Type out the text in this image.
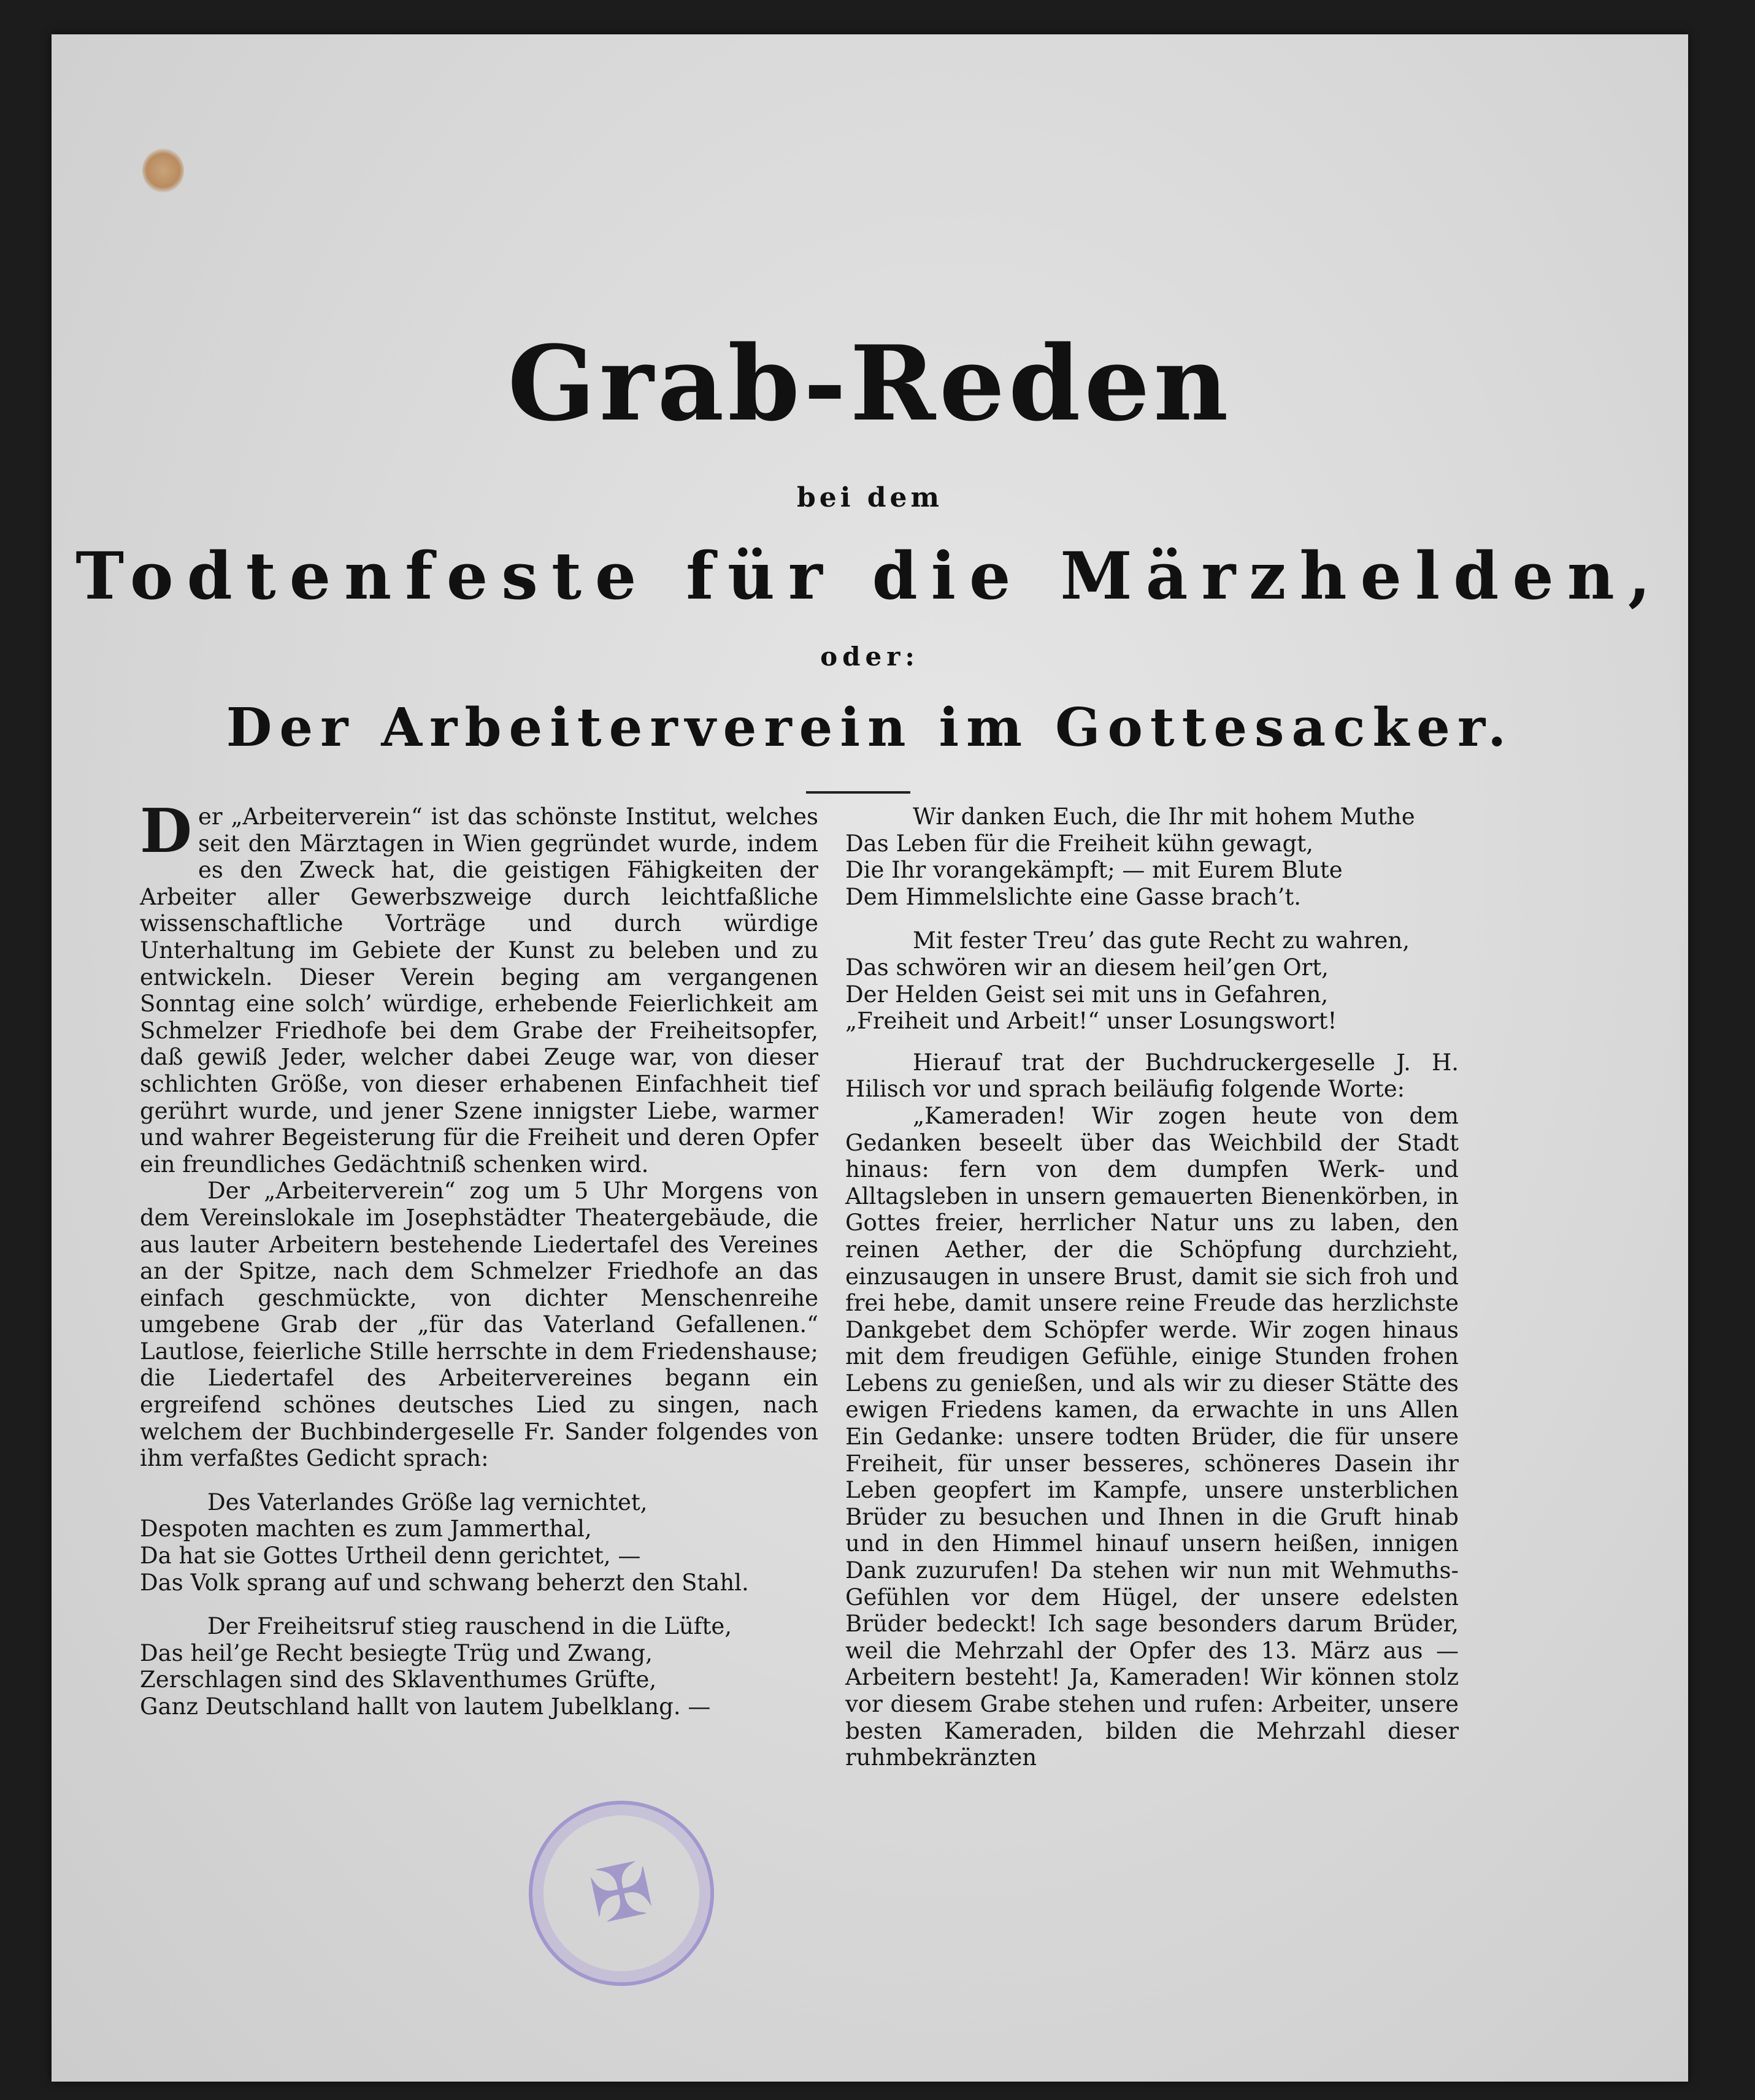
Grab-Reden
bei dem
Todtenfeste für die Märzhelden,
oder:
Der Arbeiterverein im Gottesacker.

Der „Arbeiterverein“ ist das schönste Institut, welches seit den Märztagen in Wien gegründet wurde, indem es den Zweck hat, die geistigen Fähigkeiten der Arbeiter aller Gewerbszweige durch leichtfaßliche wissenschaftliche Vorträge und durch würdige Unterhaltung im Gebiete der Kunst zu beleben und zu entwickeln. Dieser Verein beging am vergangenen Sonntag eine solch’ würdige, erhebende Feierlichkeit am Schmelzer Friedhofe bei dem Grabe der Freiheitsopfer, daß gewiß Jeder, welcher dabei Zeuge war, von dieser schlichten Größe, von dieser erhabenen Einfachheit tief gerührt wurde, und jener Szene innigster Liebe, warmer und wahrer Begeisterung für die Freiheit und deren Opfer ein freundliches Gedächtniß schenken wird.

Der „Arbeiterverein“ zog um 5 Uhr Morgens von dem Vereinslokale im Josephstädter Theatergebäude, die aus lauter Arbeitern bestehende Liedertafel des Vereines an der Spitze, nach dem Schmelzer Friedhofe an das einfach geschmückte, von dichter Menschenreihe umgebene Grab der „für das Vaterland Gefallenen.“ Lautlose, feierliche Stille herrschte in dem Friedenshause; die Liedertafel des Arbeitervereines begann ein ergreifend schönes deutsches Lied zu singen, nach welchem der Buchbindergeselle Fr. Sander folgendes von ihm verfaßtes Gedicht sprach:

Des Vaterlandes Größe lag vernichtet,
Despoten machten es zum Jammerthal,
Da hat sie Gottes Urtheil denn gerichtet, —
Das Volk sprang auf und schwang beherzt den Stahl.
Der Freiheitsruf stieg rauschend in die Lüfte,
Das heil’ge Recht besiegte Trüg und Zwang,
Zerschlagen sind des Sklaventhumes Grüfte,
Ganz Deutschland hallt von lautem Jubelklang. —
Wir danken Euch, die Ihr mit hohem Muthe
Das Leben für die Freiheit kühn gewagt,
Die Ihr vorangekämpft; — mit Eurem Blute
Dem Himmelslichte eine Gasse brach’t.
Mit fester Treu’ das gute Recht zu wahren,
Das schwören wir an diesem heil’gen Ort,
Der Helden Geist sei mit uns in Gefahren,
„Freiheit und Arbeit!“ unser Losungswort!

Hierauf trat der Buchdruckergeselle J. H. Hilisch vor und sprach beiläufig folgende Worte:

„Kameraden! Wir zogen heute von dem Gedanken beseelt über das Weichbild der Stadt hinaus: fern von dem dumpfen Werk- und Alltagsleben in unsern gemauerten Bienenkörben, in Gottes freier, herrlicher Natur uns zu laben, den reinen Aether, der die Schöpfung durchzieht, einzusaugen in unsere Brust, damit sie sich froh und frei hebe, damit unsere reine Freude das herzlichste Dankgebet dem Schöpfer werde. Wir zogen hinaus mit dem freudigen Gefühle, einige Stunden frohen Lebens zu genießen, und als wir zu dieser Stätte des ewigen Friedens kamen, da erwachte in uns Allen Ein Gedanke: unsere todten Brüder, die für unsere Freiheit, für unser besseres, schöneres Dasein ihr Leben geopfert im Kampfe, unsere unsterblichen Brüder zu besuchen und Ihnen in die Gruft hinab und in den Himmel hinauf unsern heißen, innigen Dank zuzurufen! Da stehen wir nun mit Wehmuths-Gefühlen vor dem Hügel, der unsere edelsten Brüder bedeckt! Ich sage besonders darum Brüder, weil die Mehrzahl der Opfer des 13. März aus — Arbeitern besteht! Ja, Kameraden! Wir können stolz vor diesem Grabe stehen und rufen: Arbeiter, unsere besten Kameraden, bilden die Mehrzahl dieser ruhmbekränzten

✠
